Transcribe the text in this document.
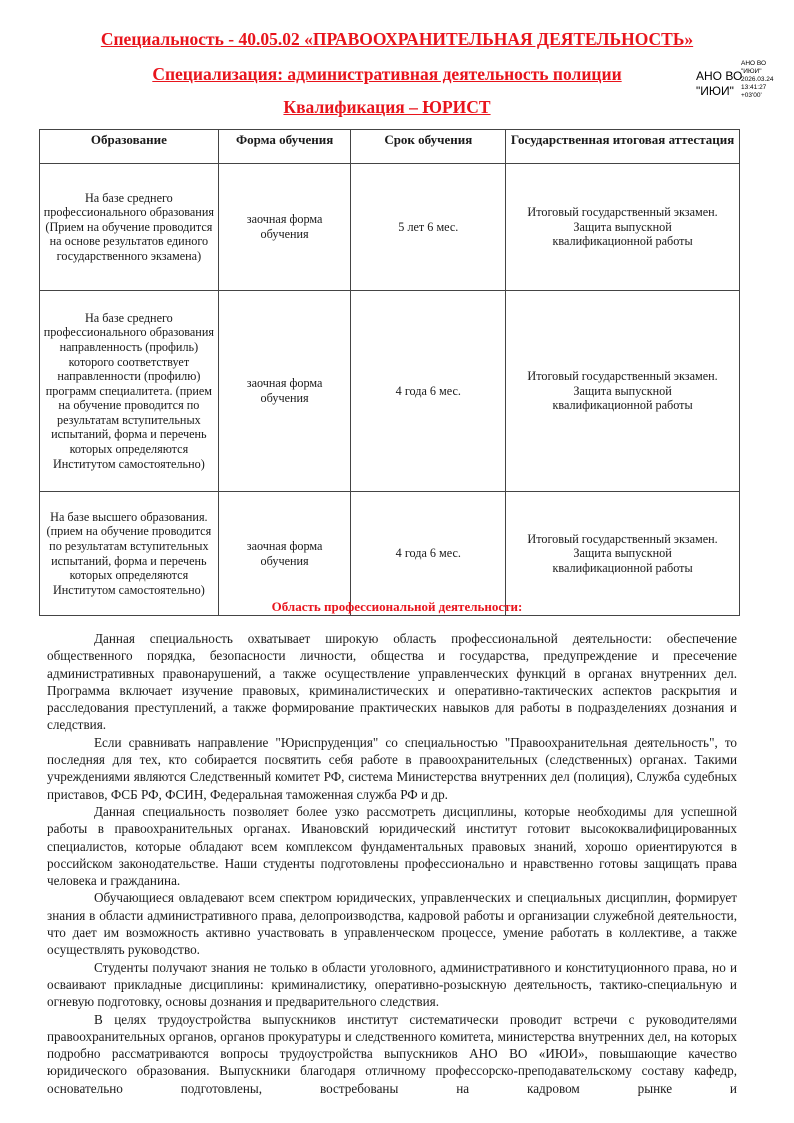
Специальность - 40.05.02 «ПРАВООХРАНИТЕЛЬНАЯ ДЕЯТЕЛЬНОСТЬ»
Специализация: административная деятельность полиции
Квалификация – ЮРИСТ
АНО ВО
"ИЮИ"
АНО ВО
"ИЮИ"
2026.03.24
13:41:27
+03'00'
Образование	Форма обучения	Срок обучения	Государственная итоговая аттестация
На базе среднего профессионального образования (Прием на обучение проводится на основе результатов единого государственного экзамена)	заочная форма обучения	5 лет 6 мес.	Итоговый государственный экзамен.
Защита выпускной квалификационной работы

На базе среднего профессионального образования направленность (профиль) которого соответствует направленности (профилю) программ специалитета. (прием на обучение проводится по результатам вступительных испытаний, форма и перечень которых определяются Институтом самостоятельно)	заочная форма обучения	4 года 6 мес.	Итоговый государственный экзамен.
Защита выпускной квалификационной работы

На базе высшего образования. (прием на обучение проводится по результатам вступительных испытаний, форма и перечень которых определяются Институтом самостоятельно)	заочная форма обучения	4 года 6 мес.	Итоговый государственный экзамен.
Защита выпускной квалификационной работы
Область профессиональной деятельности:

Данная специальность охватывает широкую область профессиональной деятельности: обеспечение общественного порядка, безопасности личности, общества и государства, предупреждение и пресечение административных правонарушений, а также осуществление управленческих функций в органах внутренних дел. Программа включает изучение правовых, криминалистических и оперативно-тактических аспектов раскрытия и расследования преступлений, а также формирование практических навыков для работы в подразделениях дознания и следствия.

Если сравнивать направление "Юриспруденция" со специальностью "Правоохранительная деятельность", то последняя для тех, кто собирается посвятить себя работе в правоохранительных (следственных) органах. Такими учреждениями являются Следственный комитет РФ, система Министерства внутренних дел (полиция), Служба судебных приставов, ФСБ РФ, ФСИН, Федеральная таможенная служба РФ и др.

Данная специальность позволяет более узко рассмотреть дисциплины, которые необходимы для успешной работы в правоохранительных органах. Ивановский юридический институт готовит высококвалифицированных специалистов, которые обладают всем комплексом фундаментальных правовых знаний, хорошо ориентируются в российском законодательстве. Наши студенты подготовлены профессионально и нравственно готовы защищать права человека и гражданина.

Обучающиеся овладевают всем спектром юридических, управленческих и специальных дисциплин, формирует знания в области административного права, делопроизводства, кадровой работы и организации служебной деятельности, что дает им возможность активно участвовать в управленческом процессе, умение работать в коллективе, а также осуществлять руководство.

Студенты получают знания не только в области уголовного, административного и конституционного права, но и осваивают прикладные дисциплины: криминалистику, оперативно-розыскную деятельность, тактико-специальную и огневую подготовку, основы дознания и предварительного следствия.

В целях трудоустройства выпускников институт систематически проводит встречи с руководителями правоохранительных органов, органов прокуратуры и следственного комитета, министерства внутренних дел, на которых подробно рассматриваются вопросы трудоустройства выпускников АНО ВО «ИЮИ», повышающие качество юридического образования. Выпускники благодаря отличному профессорско-преподавательскому составу кафедр, основательно подготовлены, востребованы на кадровом рынке и
